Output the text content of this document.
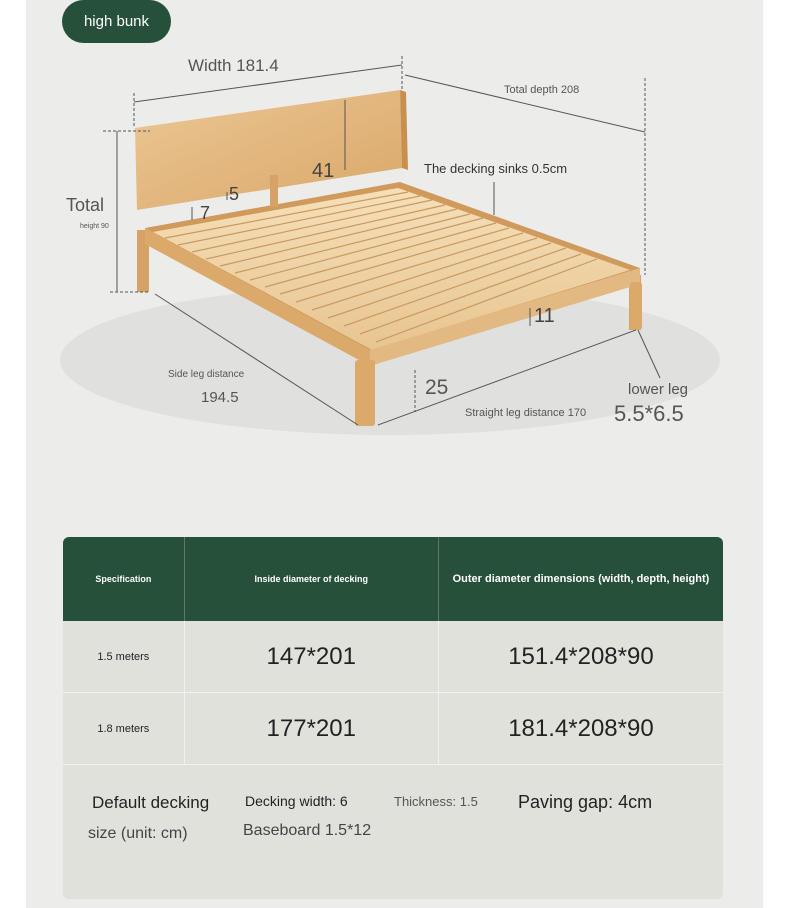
high bunk
Width 181.4
Total depth 208
41	The decking sinks 0.5cm
5
7
Total
height 90
Side leg distance
194.5	25
11
Straight leg distance 170
lower leg
5.5*6.5
Specification	Inside diameter of decking	Outer diameter dimensions (width, depth, height)
1.5 meters	147*201	151.4*208*90
1.8 meters	177*201	181.4*208*90
Default decking
size (unit: cm)
Decking width: 6	Thickness: 1.5 Paving gap: 4cm
Baseboard 1.5*12
